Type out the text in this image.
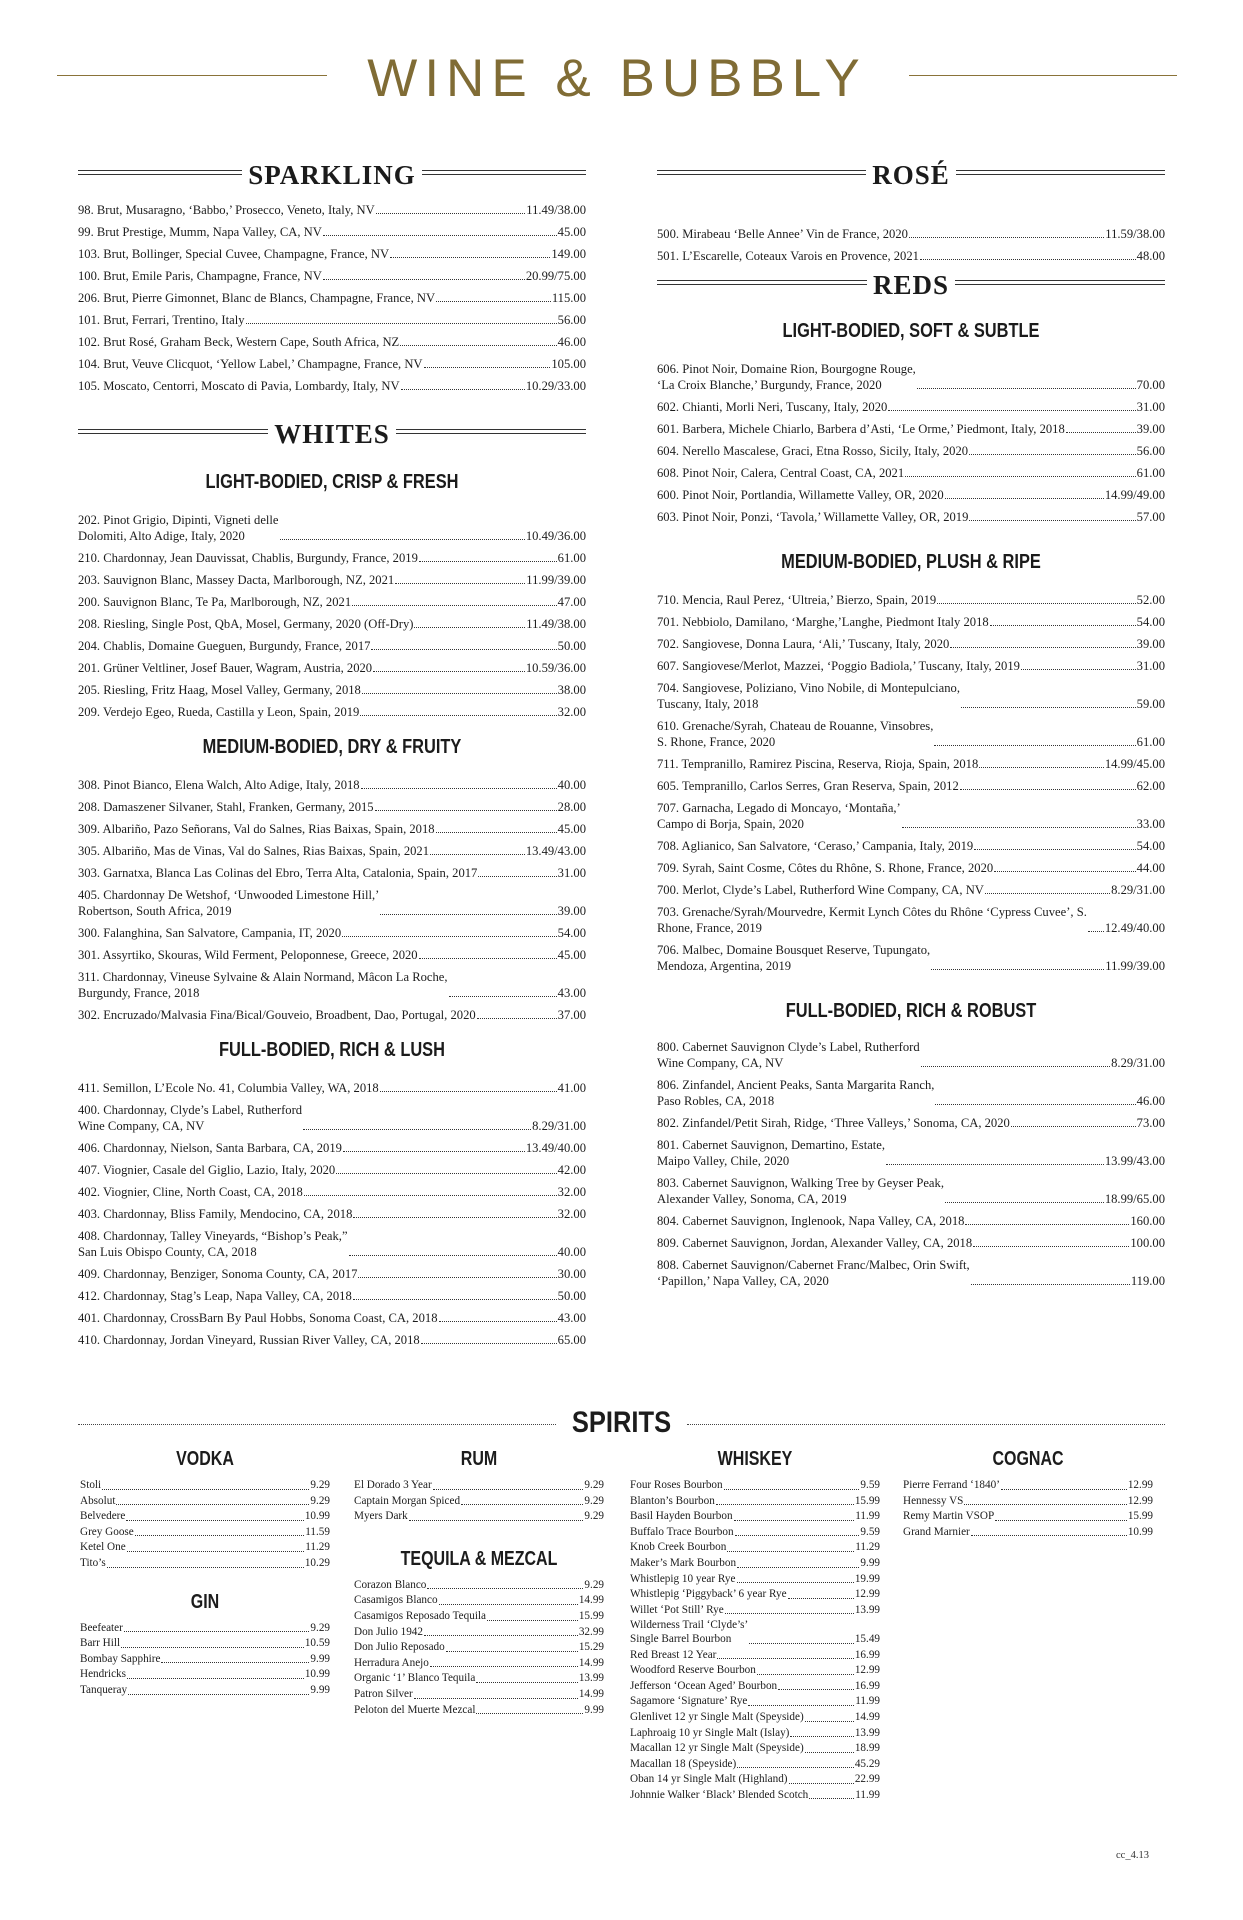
WINE & BUBBLY
SPARKLING
98. Brut, Musaragno, ‘Babbo,’ Prosecco, Veneto, Italy, NV	11.49/38.00
99. Brut Prestige, Mumm, Napa Valley, CA, NV	45.00
103. Brut, Bollinger, Special Cuvee, Champagne, France, NV	149.00
100. Brut, Emile Paris, Champagne, France, NV	20.99/75.00
206. Brut, Pierre Gimonnet, Blanc de Blancs, Champagne, France, NV	115.00
101. Brut, Ferrari, Trentino, Italy	56.00
102. Brut Rosé, Graham Beck, Western Cape, South Africa, NZ	46.00
104. Brut, Veuve Clicquot, ‘Yellow Label,’ Champagne, France, NV	105.00
105. Moscato, Centorri, Moscato di Pavia, Lombardy, Italy, NV	10.29/33.00
WHITES
LIGHT-BODIED, CRISP & FRESH
202. Pinot Grigio, Dipinti, Vigneti delle
Dolomiti, Alto Adige, Italy, 2020	10.49/36.00
210. Chardonnay, Jean Dauvissat, Chablis, Burgundy, France, 2019	61.00
203. Sauvignon Blanc, Massey Dacta, Marlborough, NZ, 2021	11.99/39.00
200. Sauvignon Blanc, Te Pa, Marlborough, NZ, 2021	47.00
208. Riesling, Single Post, QbA, Mosel, Germany, 2020 (Off-Dry)	11.49/38.00
204. Chablis, Domaine Gueguen, Burgundy, France, 2017	50.00
201. Grüner Veltliner, Josef Bauer, Wagram, Austria, 2020	10.59/36.00
205. Riesling, Fritz Haag, Mosel Valley, Germany, 2018	38.00
209. Verdejo Egeo, Rueda, Castilla y Leon, Spain, 2019	32.00
MEDIUM-BODIED, DRY & FRUITY
308. Pinot Bianco, Elena Walch, Alto Adige, Italy, 2018	40.00
208. Damaszener Silvaner, Stahl, Franken, Germany, 2015	28.00
309. Albariño, Pazo Señorans, Val do Salnes, Rias Baixas, Spain, 2018	45.00
305. Albariño, Mas de Vinas, Val do Salnes, Rias Baixas, Spain, 2021	13.49/43.00
303. Garnatxa, Blanca Las Colinas del Ebro, Terra Alta, Catalonia, Spain, 2017	31.00
405. Chardonnay De Wetshof, ‘Unwooded Limestone Hill,’
Robertson, South Africa, 2019	39.00
300. Falanghina, San Salvatore, Campania, IT, 2020	54.00
301. Assyrtiko, Skouras, Wild Ferment, Peloponnese, Greece, 2020	45.00
311. Chardonnay, Vineuse Sylvaine & Alain Normand, Mâcon La Roche,
Burgundy, France, 2018	43.00
302. Encruzado/Malvasia Fina/Bical/Gouveio, Broadbent, Dao, Portugal, 2020	37.00
FULL-BODIED, RICH & LUSH
411. Semillon, L’Ecole No. 41, Columbia Valley, WA, 2018	41.00
400. Chardonnay, Clyde’s Label, Rutherford
Wine Company, CA, NV	8.29/31.00
406. Chardonnay, Nielson, Santa Barbara, CA, 2019	13.49/40.00
407. Viognier, Casale del Giglio, Lazio, Italy, 2020	42.00
402. Viognier, Cline, North Coast, CA, 2018	32.00
403. Chardonnay, Bliss Family, Mendocino, CA, 2018	32.00
408. Chardonnay, Talley Vineyards, “Bishop’s Peak,”
San Luis Obispo County, CA, 2018	40.00
409. Chardonnay, Benziger, Sonoma County, CA, 2017	30.00
412. Chardonnay, Stag’s Leap, Napa Valley, CA, 2018	50.00
401. Chardonnay, CrossBarn By Paul Hobbs, Sonoma Coast, CA, 2018	43.00
410. Chardonnay, Jordan Vineyard, Russian River Valley, CA, 2018	65.00
ROSÉ
500. Mirabeau ‘Belle Annee’ Vin de France, 2020	11.59/38.00
501. L’Escarelle, Coteaux Varois en Provence, 2021	48.00
REDS
LIGHT-BODIED, SOFT & SUBTLE
606. Pinot Noir, Domaine Rion, Bourgogne Rouge,
‘La Croix Blanche,’ Burgundy, France, 2020	70.00
602. Chianti, Morli Neri, Tuscany, Italy, 2020	31.00
601. Barbera, Michele Chiarlo, Barbera d’Asti, ‘Le Orme,’ Piedmont, Italy, 2018	39.00
604. Nerello Mascalese, Graci, Etna Rosso, Sicily, Italy, 2020	56.00
608. Pinot Noir, Calera, Central Coast, CA, 2021	61.00
600. Pinot Noir, Portlandia, Willamette Valley, OR, 2020	14.99/49.00
603. Pinot Noir, Ponzi, ‘Tavola,’ Willamette Valley, OR, 2019	57.00
MEDIUM-BODIED, PLUSH & RIPE
710. Mencia, Raul Perez, ‘Ultreia,’ Bierzo, Spain, 2019	52.00
701. Nebbiolo, Damilano, ‘Marghe,’Langhe, Piedmont Italy 2018	54.00
702. Sangiovese, Donna Laura, ‘Ali,’ Tuscany, Italy, 2020	39.00
607. Sangiovese/Merlot, Mazzei, ‘Poggio Badiola,’ Tuscany, Italy, 2019	31.00
704. Sangiovese, Poliziano, Vino Nobile, di Montepulciano,
Tuscany, Italy, 2018	59.00
610. Grenache/Syrah, Chateau de Rouanne, Vinsobres,
S. Rhone, France, 2020	61.00
711. Tempranillo, Ramirez Piscina, Reserva, Rioja, Spain, 2018	14.99/45.00
605. Tempranillo, Carlos Serres, Gran Reserva, Spain, 2012	62.00
707. Garnacha, Legado di Moncayo, ‘Montaña,’
Campo di Borja, Spain, 2020	33.00
708. Aglianico, San Salvatore, ‘Ceraso,’ Campania, Italy, 2019	54.00
709. Syrah, Saint Cosme, Côtes du Rhône, S. Rhone, France, 2020	44.00
700. Merlot, Clyde’s Label, Rutherford Wine Company, CA, NV	8.29/31.00
703. Grenache/Syrah/Mourvedre, Kermit Lynch Côtes du Rhône ‘Cypress Cuvee’, S.
Rhone, France, 2019	12.49/40.00
706. Malbec, Domaine Bousquet Reserve, Tupungato,
Mendoza, Argentina, 2019	11.99/39.00
FULL-BODIED, RICH & ROBUST
800. Cabernet Sauvignon Clyde’s Label, Rutherford
Wine Company, CA, NV	8.29/31.00
806. Zinfandel, Ancient Peaks, Santa Margarita Ranch,
Paso Robles, CA, 2018	46.00
802. Zinfandel/Petit Sirah, Ridge, ‘Three Valleys,’ Sonoma, CA, 2020	73.00
801. Cabernet Sauvignon, Demartino, Estate,
Maipo Valley, Chile, 2020	13.99/43.00
803. Cabernet Sauvignon, Walking Tree by Geyser Peak,
Alexander Valley, Sonoma, CA, 2019	18.99/65.00
804. Cabernet Sauvignon, Inglenook, Napa Valley, CA, 2018	160.00
809. Cabernet Sauvignon, Jordan, Alexander Valley, CA, 2018	100.00
808. Cabernet Sauvignon/Cabernet Franc/Malbec, Orin Swift,
‘Papillon,’ Napa Valley, CA, 2020	119.00
SPIRITS
VODKA
Stoli	9.29
Absolut	9.29
Belvedere	10.99
Grey Goose	11.59
Ketel One	11.29
Tito’s	10.29
GIN
Beefeater	9.29
Barr Hill	10.59
Bombay Sapphire	9.99
Hendricks	10.99
Tanqueray	9.99
RUM
El Dorado 3 Year	9.29
Captain Morgan Spiced	9.29
Myers Dark	9.29
TEQUILA & MEZCAL
Corazon Blanco	9.29
Casamigos Blanco	14.99
Casamigos Reposado Tequila	15.99
Don Julio 1942	32.99
Don Julio Reposado	15.29
Herradura Anejo	14.99
Organic ‘1’ Blanco Tequila	13.99
Patron Silver	14.99
Peloton del Muerte Mezcal	9.99
WHISKEY
Four Roses Bourbon	9.59
Blanton’s Bourbon	15.99
Basil Hayden Bourbon	11.99
Buffalo Trace Bourbon	9.59
Knob Creek Bourbon	11.29
Maker’s Mark Bourbon	9.99
Whistlepig 10 year Rye	19.99
Whistlepig ‘Piggyback’ 6 year Rye	12.99
Willet ‘Pot Still’ Rye	13.99
Wilderness Trail ‘Clyde’s’
Single Barrel Bourbon	15.49
Red Breast 12 Year	16.99
Woodford Reserve Bourbon	12.99
Jefferson ‘Ocean Aged’ Bourbon	16.99
Sagamore ‘Signature’ Rye	11.99
Glenlivet 12 yr Single Malt (Speyside)	14.99
Laphroaig 10 yr Single Malt (Islay)	13.99
Macallan 12 yr Single Malt (Speyside)	18.99
Macallan 18 (Speyside)	45.29
Oban 14 yr Single Malt (Highland)	22.99
Johnnie Walker ‘Black’ Blended Scotch	11.99
COGNAC
Pierre Ferrand ‘1840’	12.99
Hennessy VS	12.99
Remy Martin VSOP	15.99
Grand Marnier	10.99
cc_4.13
